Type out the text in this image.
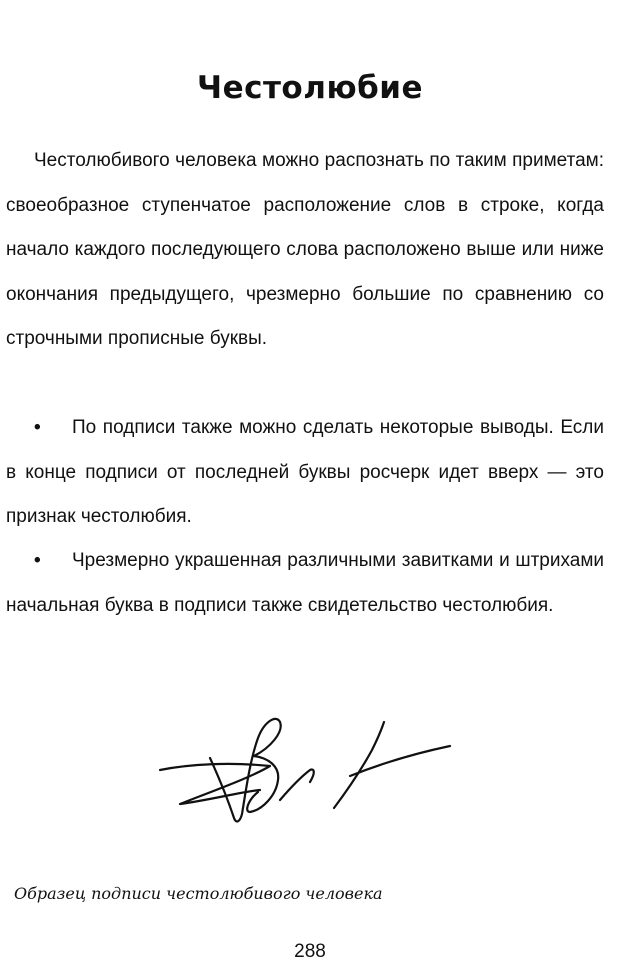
Честолюбие

Честолюбивого человека можно распознать по таким приметам: своеобразное ступенчатое расположение слов в строке, когда начало каждого последующего слова расположено выше или ниже окончания предыдущего, чрезмерно большие по сравнению со строчными прописные буквы.

• По подписи также можно сделать некоторые выводы. Если в конце подписи от последней буквы росчерк идет вверх — это признак честолюбия.

• Чрезмерно украшенная различными завитками и штрихами начальная буква в подписи также свидетельство честолюбия.

Образец подписи честолюбивого человека

288
